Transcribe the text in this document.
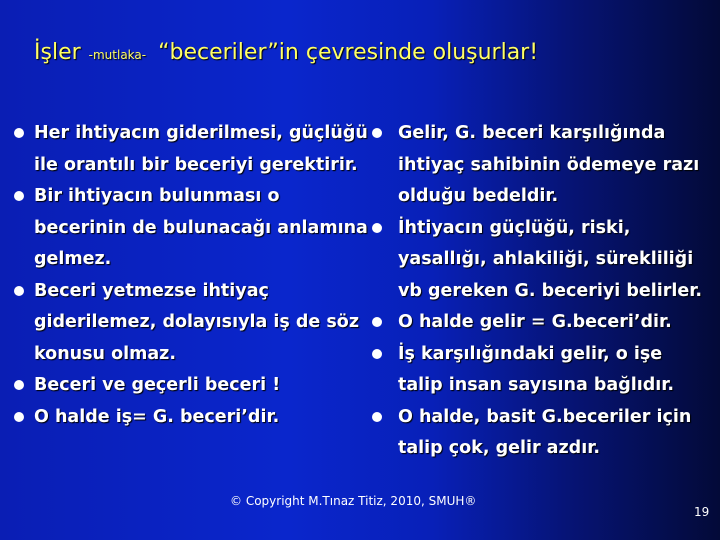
İşler -mutlaka- “beceriler”in çevresinde oluşurlar!
Her ihtiyacın giderilmesi, güçlüğü ile orantılı bir beceriyi gerektirir.
Bir ihtiyacın bulunması o becerinin de bulunacağı anlamına gelmez.
Beceri yetmezse ihtiyaç giderilemez, dolayısıyla iş de söz konusu olmaz.
Beceri ve geçerli beceri !
O halde iş= G. beceri’dir.
Gelir, G. beceri karşılığında ihtiyaç sahibinin ödemeye razı olduğu bedeldir.
İhtiyacın güçlüğü, riski, yasallığı, ahlakiliği, sürekliliği vb gereken G. beceriyi belirler.
O halde gelir = G.beceri’dir.
İş karşılığındaki gelir, o işe talip insan sayısına bağlıdır.
O halde, basit G.beceriler için talip çok, gelir azdır.
© Copyright M.Tınaz Titiz, 2010, SMUH®
19
